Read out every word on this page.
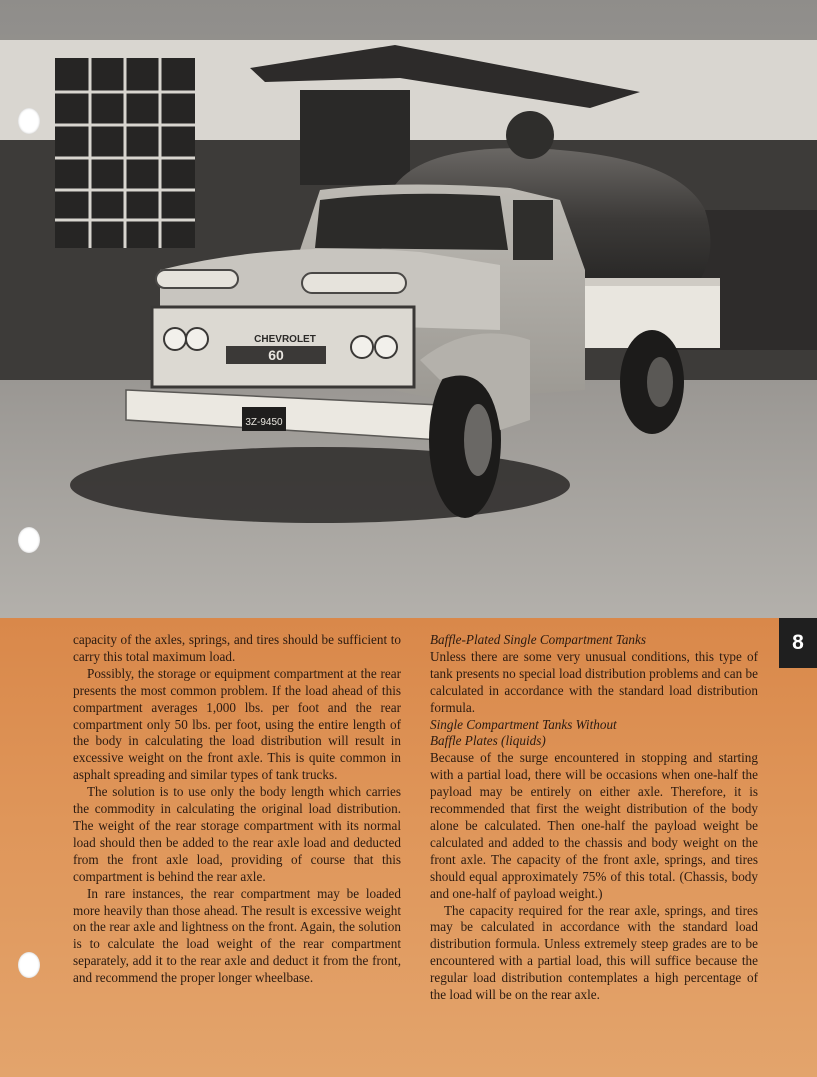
CHEVROLET
60
3Z-9450
8

capacity of the axles, springs, and tires should be sufficient to carry this total maximum load.

Possibly, the storage or equipment compartment at the rear presents the most common problem. If the load ahead of this compartment averages 1,000 lbs. per foot and the rear compartment only 50 lbs. per foot, using the entire length of the body in calculating the load distribution will result in excessive weight on the front axle. This is quite common in asphalt spreading and similar types of tank trucks.

The solution is to use only the body length which carries the commodity in calculating the original load distribution. The weight of the rear storage compartment with its normal load should then be added to the rear axle load and deducted from the front axle load, providing of course that this compartment is behind the rear axle.

In rare instances, the rear compartment may be loaded more heavily than those ahead. The result is excessive weight on the rear axle and lightness on the front. Again, the solution is to calculate the load weight of the rear compartment separately, add it to the rear axle and deduct it from the front, and recommend the proper longer wheelbase.

Baffle-Plated Single Compartment Tanks

Unless there are some very unusual conditions, this type of tank presents no special load distribution problems and can be calculated in accordance with the standard load distribution formula.

Single Compartment Tanks Without

Baffle Plates (liquids)

Because of the surge encountered in stopping and starting with a partial load, there will be occasions when one-half the payload may be entirely on either axle. Therefore, it is recommended that first the weight distribution of the body alone be calculated. Then one-half the payload weight be calculated and added to the chassis and body weight on the front axle. The capacity of the front axle, springs, and tires should equal approximately 75% of this total. (Chassis, body and one-half of payload weight.)

The capacity required for the rear axle, springs, and tires may be calculated in accordance with the standard load distribution formula. Unless extremely steep grades are to be encountered with a partial load, this will suffice because the regular load distribution contemplates a high percentage of the load will be on the rear axle.
